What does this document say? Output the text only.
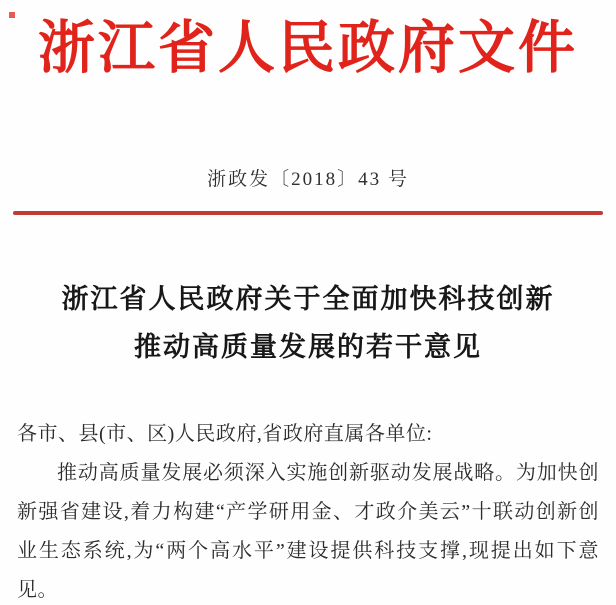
浙江省人民政府文件
浙政发〔2018〕43 号
浙江省人民政府关于全面加快科技创新
推动高质量发展的若干意见
各市、县(市、区)人民政府,省政府直属各单位:
推动高质量发展必须深入实施创新驱动发展战略。为加快创
新强省建设,着力构建“产学研用金、才政介美云”十联动创新创
业生态系统,为“两个高水平”建设提供科技支撑,现提出如下意
见。
